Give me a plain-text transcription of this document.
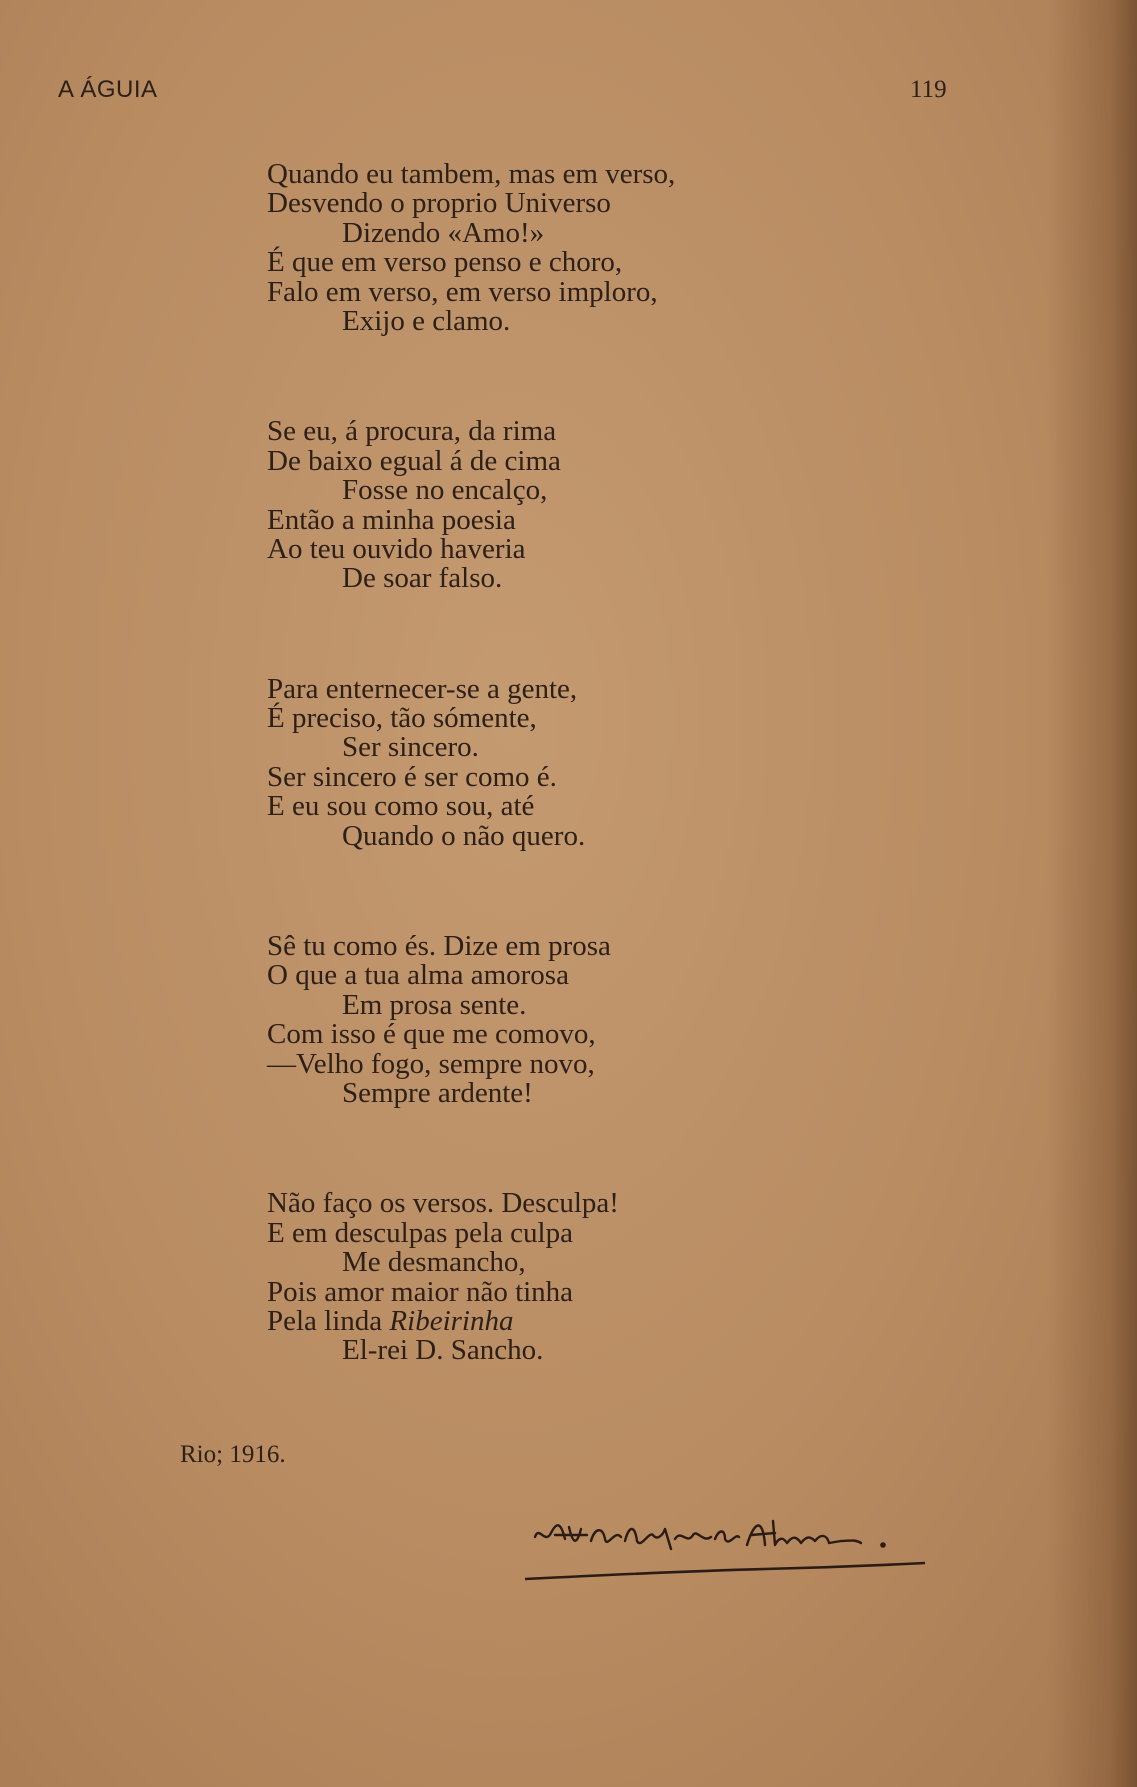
A ÁGUIA	119
Quando eu tambem, mas em verso,
Desvendo o proprio Universo
Dizendo «Amo!»
É que em verso penso e choro,
Falo em verso, em verso imploro,
Exijo e clamo.
Se eu, á procura, da rima
De baixo egual á de cima
Fosse no encalço,
Então a minha poesia
Ao teu ouvido haveria
De soar falso.
Para enternecer-se a gente,
É preciso, tão sómente,
Ser sincero.
Ser sincero é ser como é.
E eu sou como sou, até
Quando o não quero.
Sê tu como és. Dize em prosa
O que a tua alma amorosa
Em prosa sente.
Com isso é que me comovo,
—Velho fogo, sempre novo,
Sempre ardente!
Não faço os versos. Desculpa!
E em desculpas pela culpa
Me desmancho,
Pois amor maior não tinha
Pela linda Ribeirinha
El-rei D. Sancho.
Rio; 1916.
